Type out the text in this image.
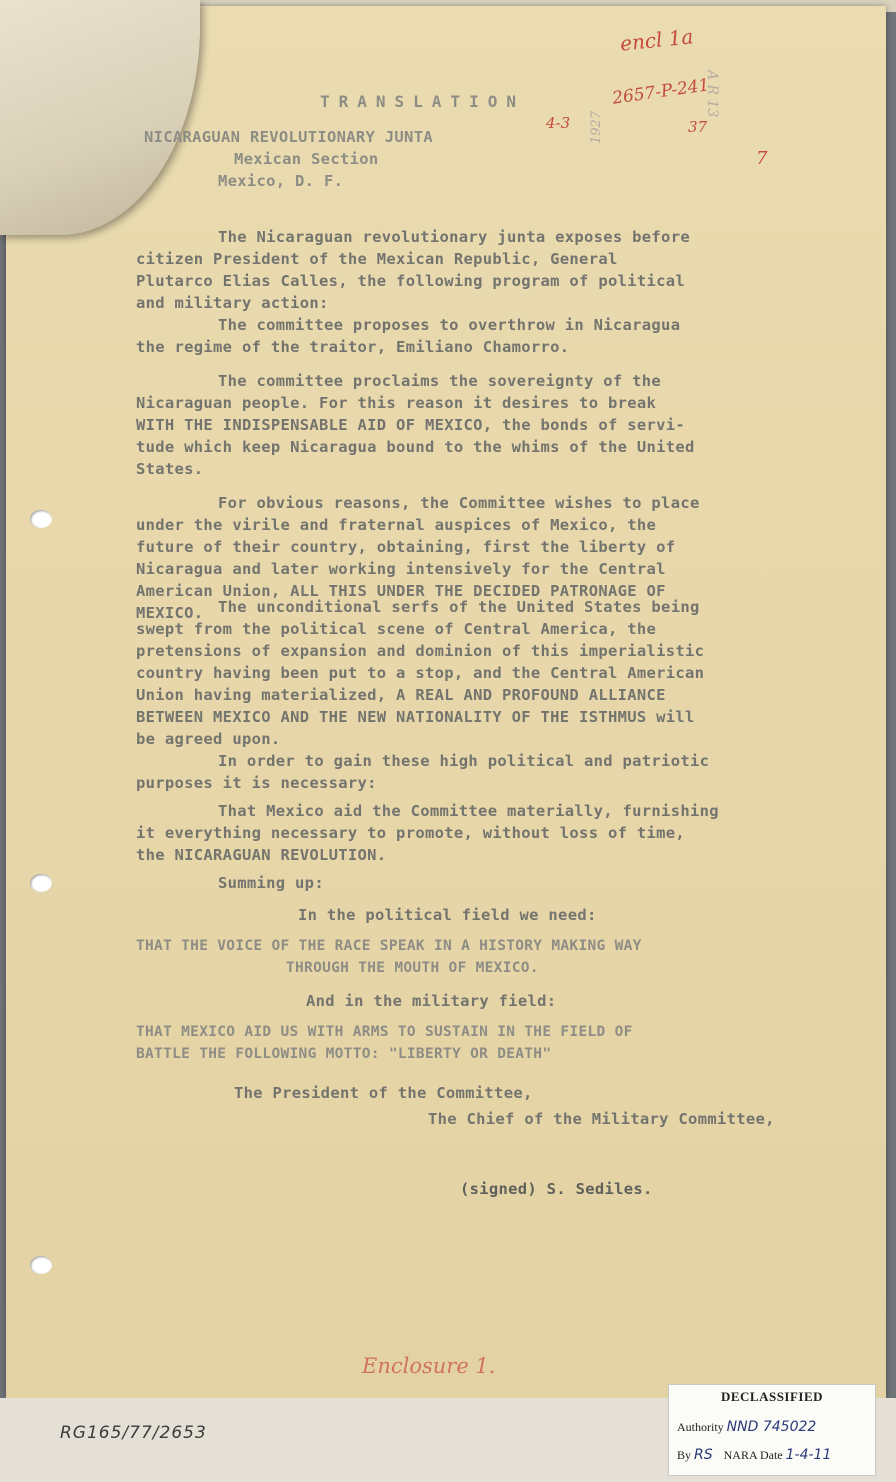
encl 1a

2657-P-241

4-3	37

1927

A R 13

7

TRANSLATION

NICARAGUAN REVOLUTIONARY JUNTA

Mexican Section

Mexico, D. F.

The Nicaraguan revolutionary junta exposes before

citizen President of the Mexican Republic, General

Plutarco Elias Calles, the following program of political

and military action:

The committee proposes to overthrow in Nicaragua

the regime of the traitor, Emiliano Chamorro.

The committee proclaims the sovereignty of the

Nicaraguan people. For this reason it desires to break

WITH THE INDISPENSABLE AID OF MEXICO, the bonds of servi-

tude which keep Nicaragua bound to the whims of the United

States.

For obvious reasons, the Committee wishes to place

under the virile and fraternal auspices of Mexico, the

future of their country, obtaining, first the liberty of

Nicaragua and later working intensively for the Central

American Union, ALL THIS UNDER THE DECIDED PATRONAGE OF

MEXICO. The unconditional serfs of the United States being

swept from the political scene of Central America, the

pretensions of expansion and dominion of this imperialistic

country having been put to a stop, and the Central American

Union having materialized, A REAL AND PROFOUND ALLIANCE

BETWEEN MEXICO AND THE NEW NATIONALITY OF THE ISTHMUS will

be agreed upon.

In order to gain these high political and patriotic

purposes it is necessary:

That Mexico aid the Committee materially, furnishing

it everything necessary to promote, without loss of time,

the NICARAGUAN REVOLUTION.

Summing up:

In the political field we need:

THAT THE VOICE OF THE RACE SPEAK IN A HISTORY MAKING WAY

THROUGH THE MOUTH OF MEXICO.

And in the military field:

THAT MEXICO AID US WITH ARMS TO SUSTAIN IN THE FIELD OF

BATTLE THE FOLLOWING MOTTO: "LIBERTY OR DEATH"

The President of the Committee,

The Chief of the Military Committee,

(signed) S. Sediles.

Enclosure 1.

RG165/77/2653

DECLASSIFIED
Authority NND 745022
By RS NARA Date 1-4-11
